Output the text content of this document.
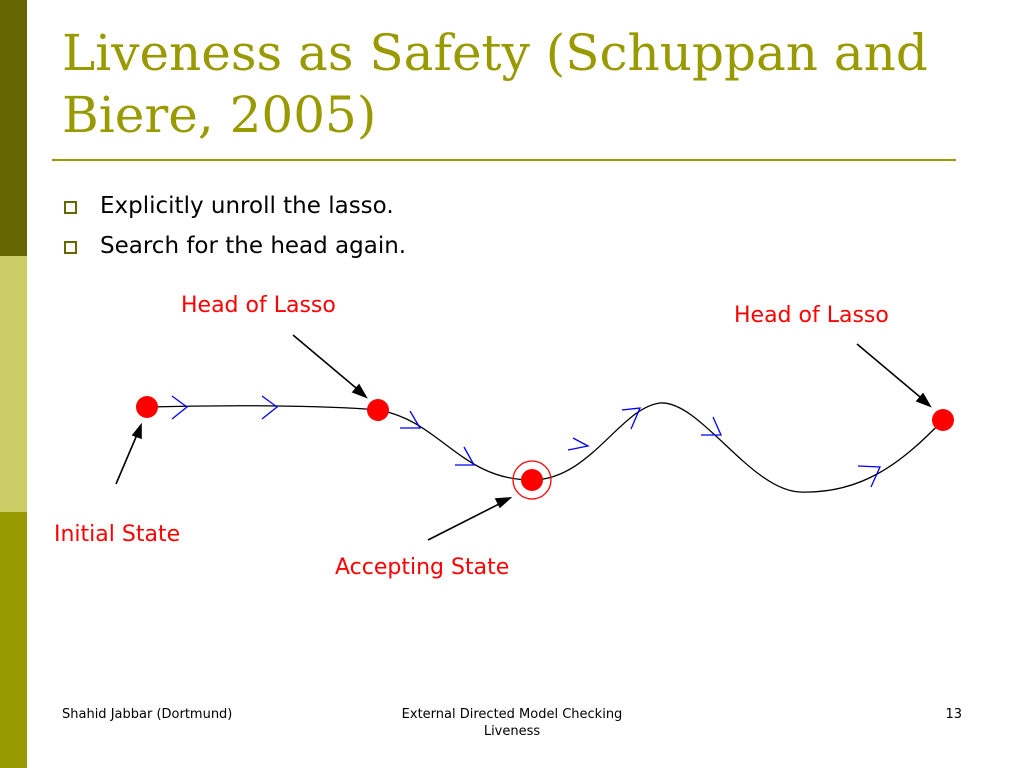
Liveness as Safety (Schuppan and Biere, 2005)
Explicitly unroll the lasso.
Search for the head again.
Head of Lasso	Head of Lasso
Initial State
Accepting State
Shahid Jabbar (Dortmund)	External Directed Model Checking
Liveness
13
